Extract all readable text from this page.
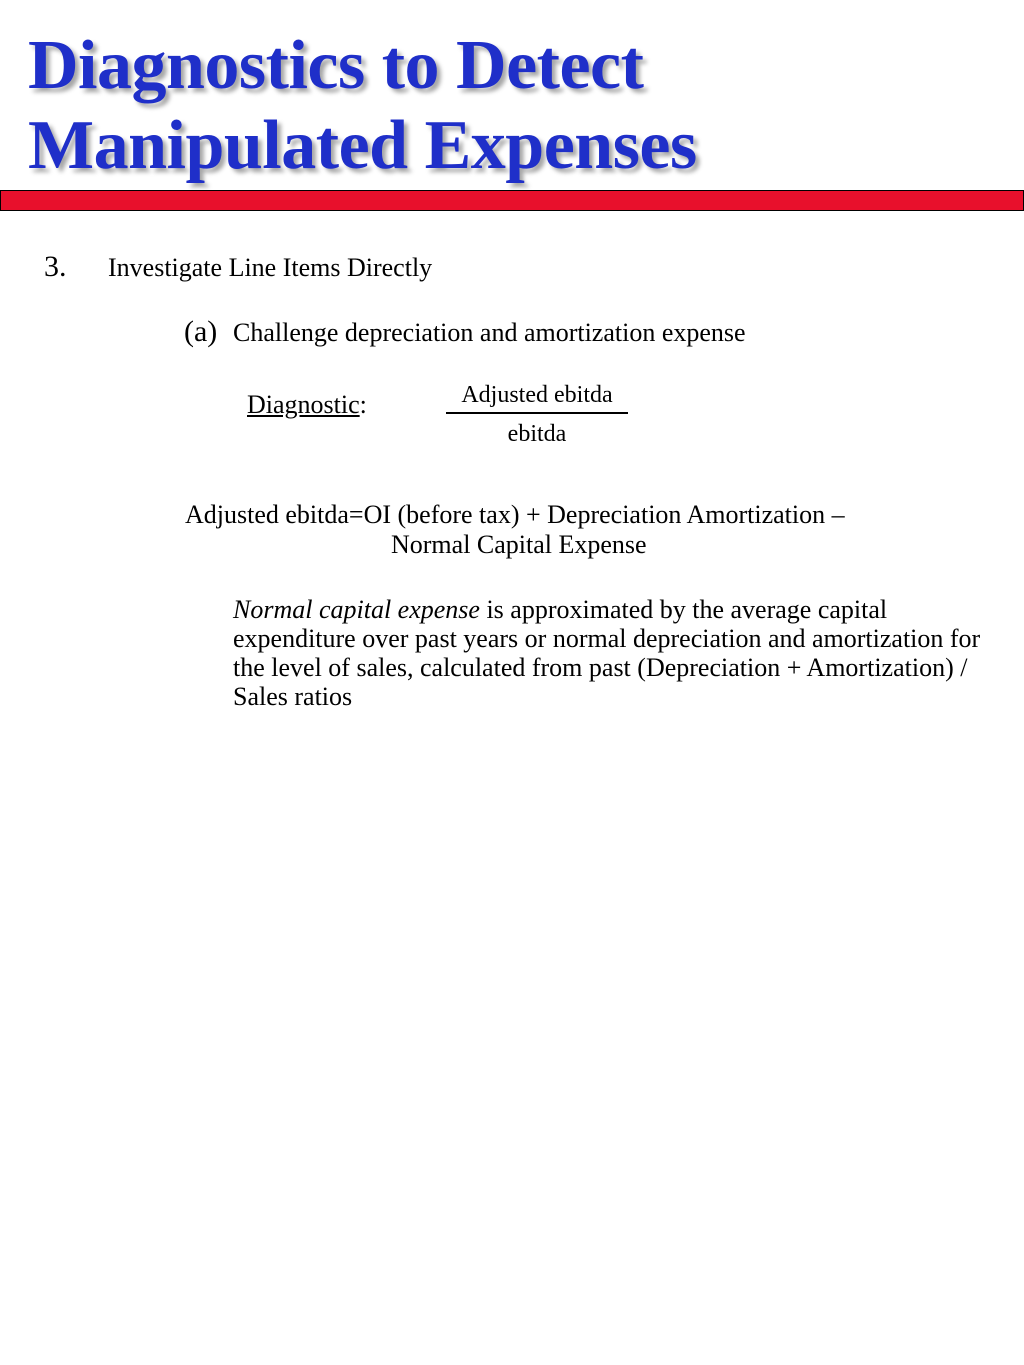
Diagnostics to Detect
Manipulated Expenses
3. Investigate Line Items Directly
(a) Challenge depreciation and amortization expense
Diagnostic:	Adjusted ebitda
ebitda
Adjusted ebitda=OI (before tax) + Depreciation Amortization –
Normal Capital Expense
Normal capital expense is approximated by the average capital expenditure over past years or normal depreciation and amortization for the level of sales, calculated from past (Depreciation + Amortization) / Sales ratios
